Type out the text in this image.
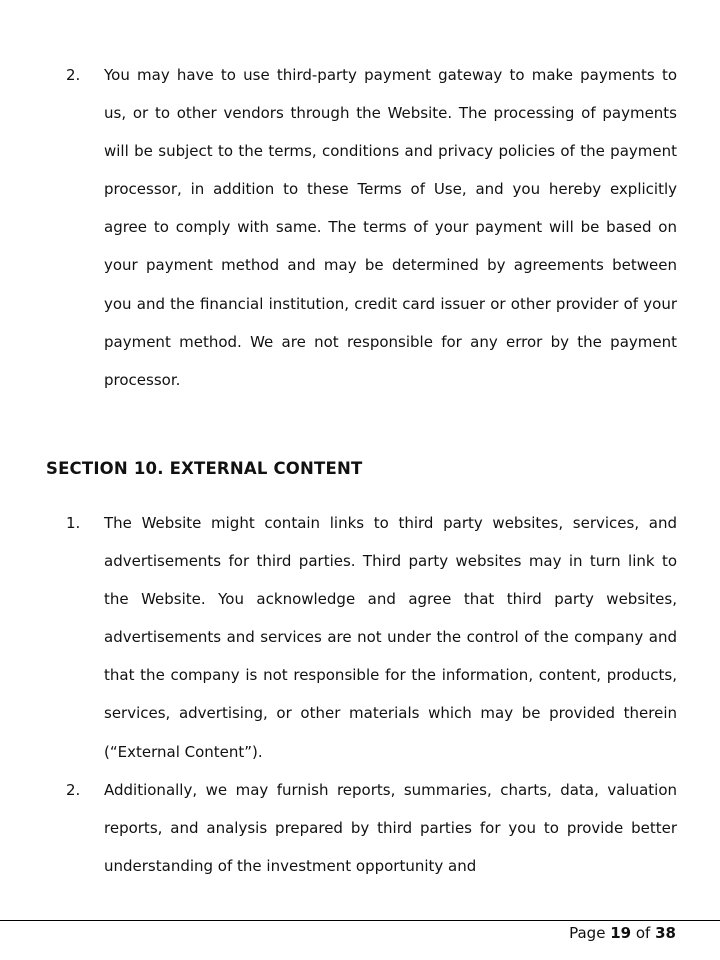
2. You may have to use third-party payment gateway to make payments to us, or to other vendors through the Website. The processing of payments will be subject to the terms, conditions and privacy policies of the payment processor, in addition to these Terms of Use, and you hereby explicitly agree to comply with same. The terms of your payment will be based on your payment method and may be determined by agreements between you and the financial institution, credit card issuer or other provider of your payment method. We are not responsible for any error by the payment processor.
SECTION 10. EXTERNAL CONTENT
1. The Website might contain links to third party websites, services, and advertisements for third parties. Third party websites may in turn link to the Website. You acknowledge and agree that third party websites, advertisements and services are not under the control of the company and that the company is not responsible for the information, content, products, services, advertising, or other materials which may be provided therein (“External Content”).
2. Additionally, we may furnish reports, summaries, charts, data, valuation reports, and analysis prepared by third parties for you to provide better understanding of the investment opportunity and
Page 19 of 38
